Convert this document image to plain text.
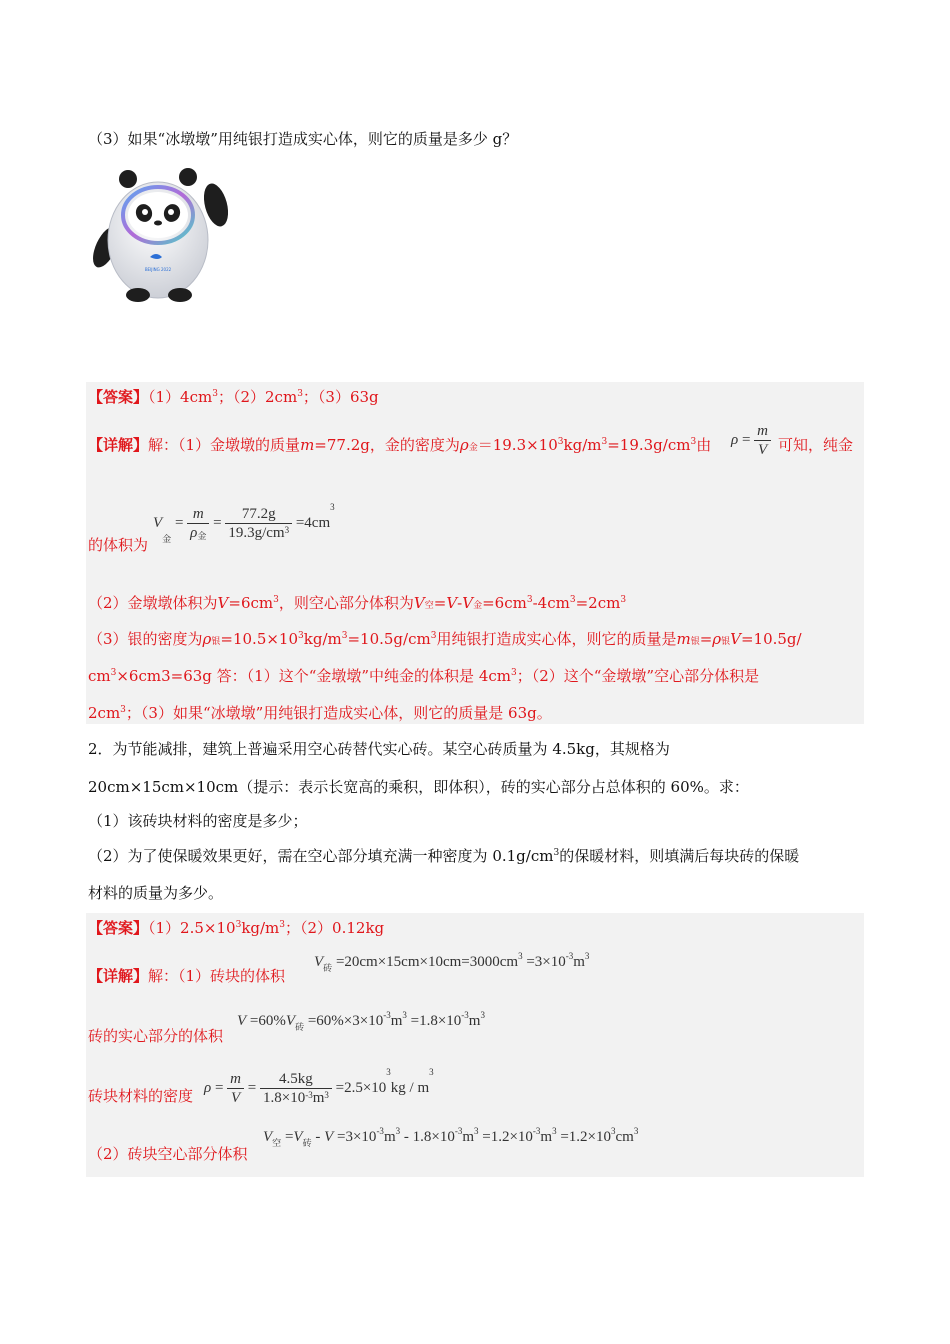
（3）如果“冰墩墩”用纯银打造成实心体，则它的质量是多少 g？
BEIJING 2022
【答案】$(1)4cm^3$；$(2)2cm^3$；（3）63g
【详解】解：（1）金墩墩的质量m=77.2g，金的密度为$\rho_金=19.3\times 10^3kg/m^3=19.3g/cm^3$由 $\rho = \frac{m}{V}$ 可知，纯金
的体积为
$V_金 = \frac{m}{\rho_金} = \frac{77.2g}{19.3g/cm^3} =4cm^3$
（2）金墩墩体积为$V=6cm^3$，则空心部分体积为$V_空=V-V_金=6cm^3-4cm^3=2cm^3$
（3）银的密度为$\rho_银=10.5\times 10^3kg/m^3=10.5g/cm^3$用纯银打造成实心体，则它的质量是$m_银=\rho_银V=10.5g/$
$cm^3\times 6cm3=63g$ 答：（1）这个“金墩墩”中纯金的体积是 $4cm^3$；（2）这个“金墩墩”空心部分体积是
$2cm^3$；（3）如果“冰墩墩”用纯银打造成实心体，则它的质量是 63g。
2．为节能减排，建筑上普遍采用空心砖替代实心砖。某空心砖质量为 4.5kg，其规格为
20cm×15cm×10cm（提示：表示长宽高的乘积，即体积），砖的实心部分占总体积的 60%。求：
（1）该砖块材料的密度是多少；
（2）为了使保暖效果更好，需在空心部分填充满一种密度为 $0.1g/cm^3$的保暖材料，则填满后每块砖的保暖
材料的质量为多少。
【答案】$(1)2.5\times 10^3kg/m^3$；（2）0.12kg
【详解】解：（1）砖块的体积
$V_砖 =20cm\times 15cm\times 10cm=3000cm^3 =3\times 10^{-3}m^3$
砖的实心部分的体积
$V =60\%V_砖 =60\%\times 3\times 10^{-3}m^3 =1.8\times 10^{-3}m^3$
砖块材料的密度 $\rho = \frac{m}{V} = \frac{4.5kg}{1.8\times 10^{-3}m^3} =2.5\times 10^3kg / m^3$
（2）砖块空心部分体积
$V_空 =V_砖 - V =3\times 10^{-3}m^3 - 1.8\times 10^{-3}m^3 =1.2\times 10^{-3}m^3 =1.2\times 10^3cm^3$
